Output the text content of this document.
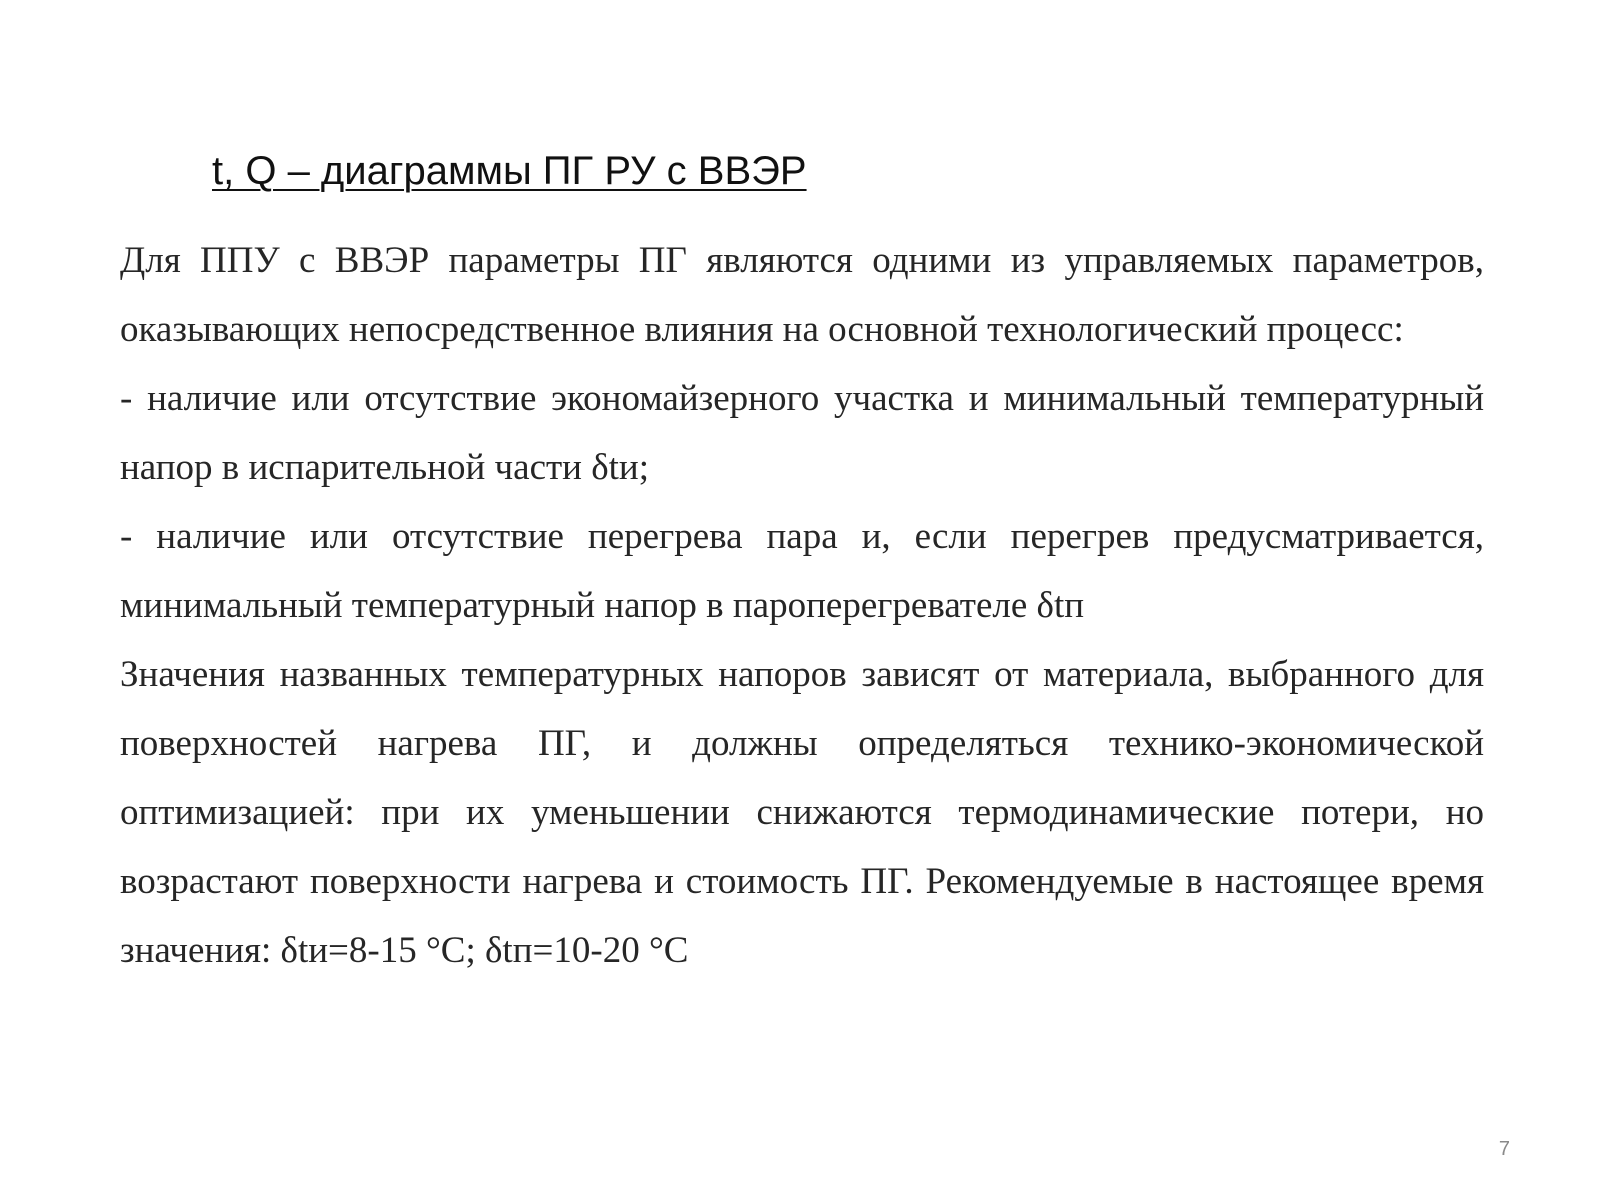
t, Q – диаграммы ПГ РУ с ВВЭР

Для ППУ с ВВЭР параметры ПГ являются одними из управляемых параметров, оказывающих непосредственное влияния на основной технологический процесс:

- наличие или отсутствие экономайзерного участка и минимальный температурный напор в испарительной части δtи;

- наличие или отсутствие перегрева пара и, если перегрев предусматривается, минимальный температурный напор в пароперегревателе δtп

Значения названных температурных напоров зависят от материала, выбранного для поверхностей нагрева ПГ, и должны определяться технико-экономической оптимизацией: при их уменьшении снижаются термодинамические потери, но возрастают поверхности нагрева и стоимость ПГ. Рекомендуемые в настоящее время значения: δtи=8-15 °С; δtп=10-20 °С

7
